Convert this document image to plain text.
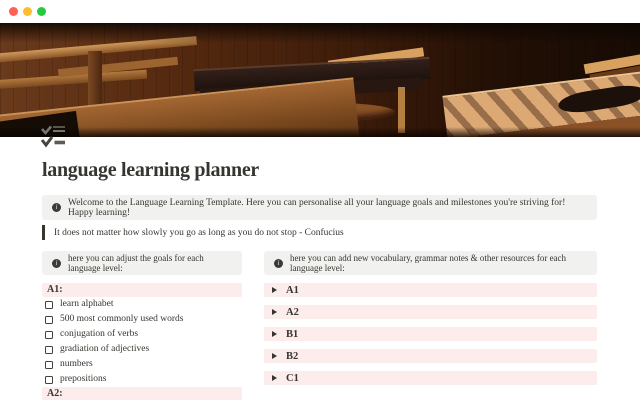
language learning planner
i
Welcome to the Language Learning Template. Here you can personalise all your language goals and milestones you're striving for! Happy learning!
It does not matter how slowly you go as long as you do not stop - Confucius
i
here you can adjust the goals for each language level:
A1:
learn alphabet
500 most commonly used words
conjugation of verbs
gradiation of adjectives
numbers
prepositions
A2:
i
here you can add new vocabulary, grammar notes & other resources for each language level:
A1
A2
B1
B2
C1
